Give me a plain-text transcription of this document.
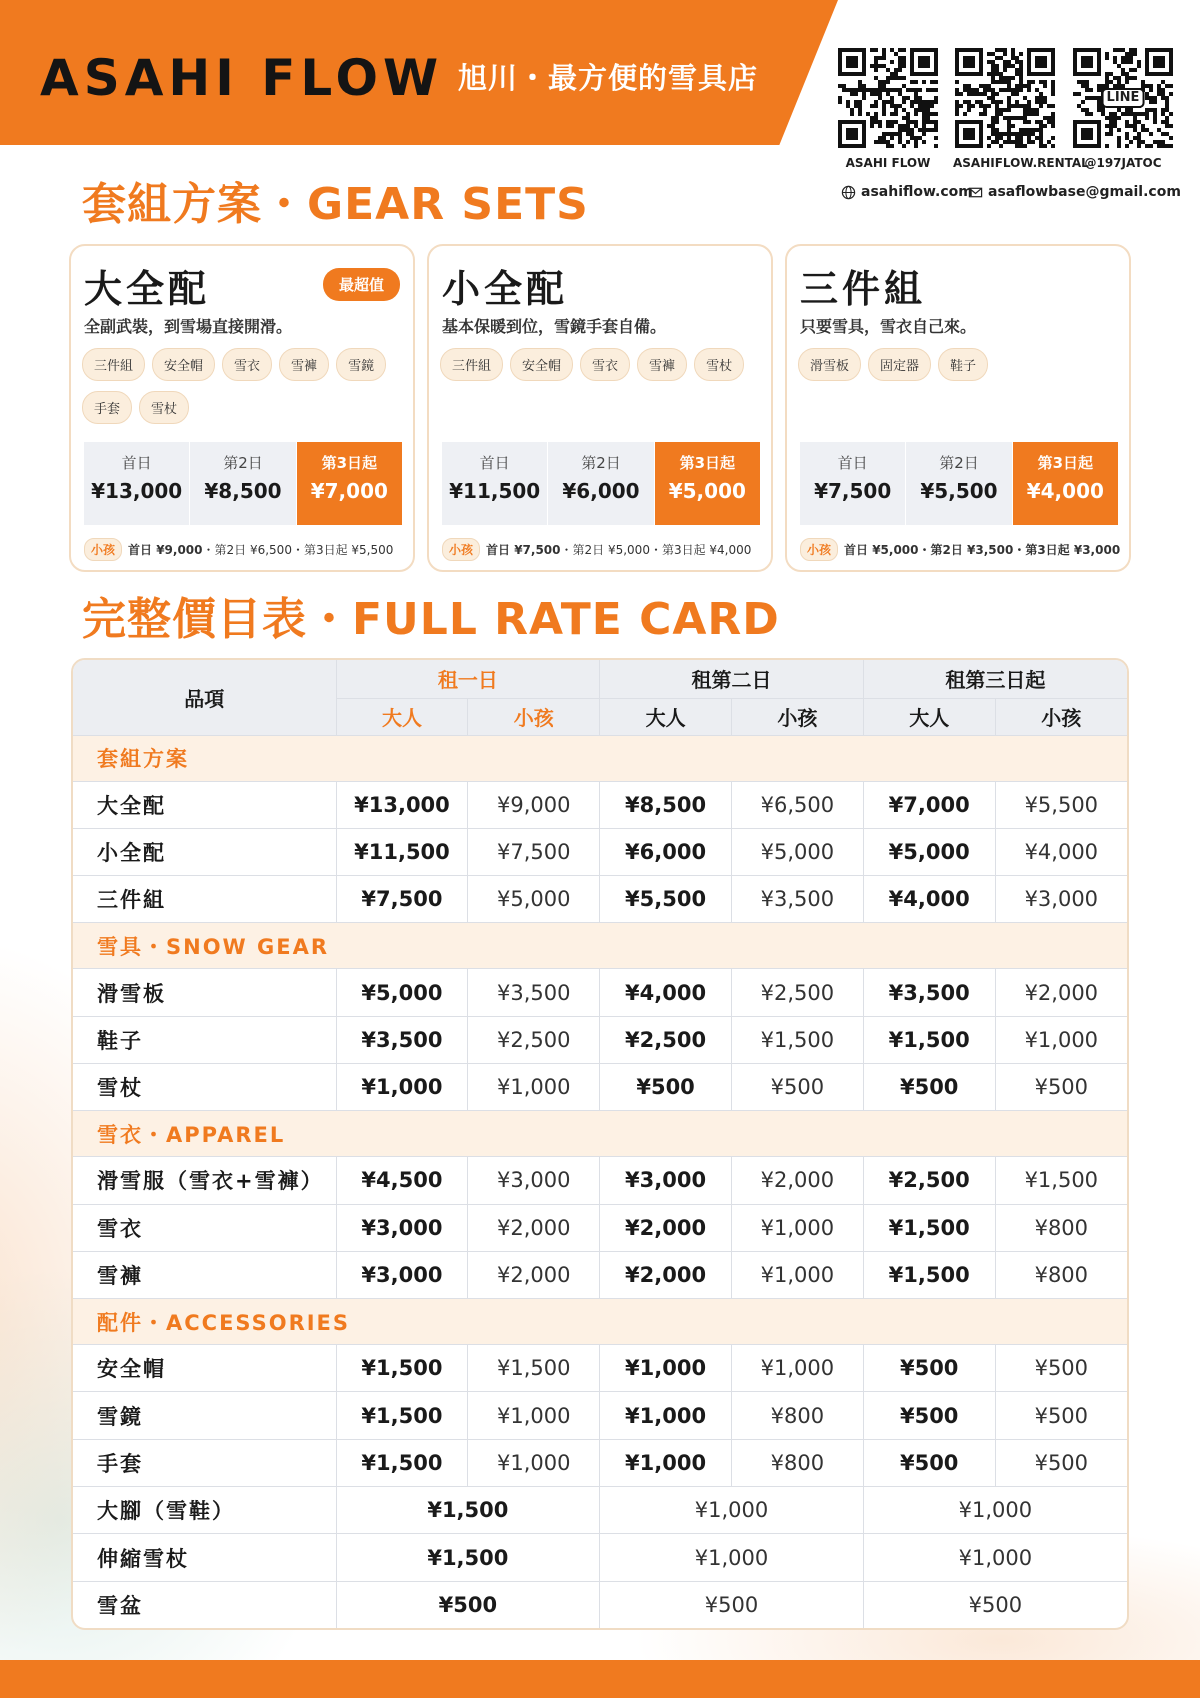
ASAHI FLOW 旭川・最方便的雪具店
ASAHI FLOW	ASAHIFLOW.RENTAL
LINE
@197JATOC
asahiflow.com asaflowbase@gmail.com
套組方案・GEAR SETS
大全配	最超值
全副武裝，到雪場直接開滑。
三件組	安全帽	雪衣	雪褲	雪鏡
手套	雪杖
首日
¥13,000
第2日
¥8,500
第3日起
¥7,000
小孩	首日 ¥9,000・第2日 ¥6,500・第3日起 ¥5,500
小全配
基本保暖到位，雪鏡手套自備。
三件組	安全帽	雪衣	雪褲	雪杖
首日
¥11,500
第2日
¥6,000
第3日起
¥5,000
小孩	首日 ¥7,500・第2日 ¥5,000・第3日起 ¥4,000
三件組
只要雪具，雪衣自己來。
滑雪板	固定器	鞋子
首日
¥7,500
第2日
¥5,500
第3日起
¥4,000
小孩	首日 ¥5,000・第2日 ¥3,500・第3日起 ¥3,000
完整價目表・FULL RATE CARD
品項	租一日		租第二日		租第三日起	
	大人	小孩	大人	小孩	大人	小孩
套組方案						
大全配	¥13,000	¥9,000	¥8,500	¥6,500	¥7,000	¥5,500
小全配	¥11,500	¥7,500	¥6,000	¥5,000	¥5,000	¥4,000
三件組	¥7,500	¥5,000	¥5,500	¥3,500	¥4,000	¥3,000
雪具・SNOW GEAR						
滑雪板	¥5,000	¥3,500	¥4,000	¥2,500	¥3,500	¥2,000
鞋子	¥3,500	¥2,500	¥2,500	¥1,500	¥1,500	¥1,000
雪杖	¥1,000	¥1,000	¥500	¥500	¥500	¥500
雪衣・APPAREL						
滑雪服（雪衣+雪褲）	¥4,500	¥3,000	¥3,000	¥2,000	¥2,500	¥1,500
雪衣	¥3,000	¥2,000	¥2,000	¥1,000	¥1,500	¥800
雪褲	¥3,000	¥2,000	¥2,000	¥1,000	¥1,500	¥800
配件・ACCESSORIES						
安全帽	¥1,500	¥1,500	¥1,000	¥1,000	¥500	¥500
雪鏡	¥1,500	¥1,000	¥1,000	¥800	¥500	¥500
手套	¥1,500	¥1,000	¥1,000	¥800	¥500	¥500
大腳（雪鞋）	¥1,500		¥1,000		¥1,000	
伸縮雪杖	¥1,500		¥1,000		¥1,000	
雪盆	¥500		¥500		¥500	
